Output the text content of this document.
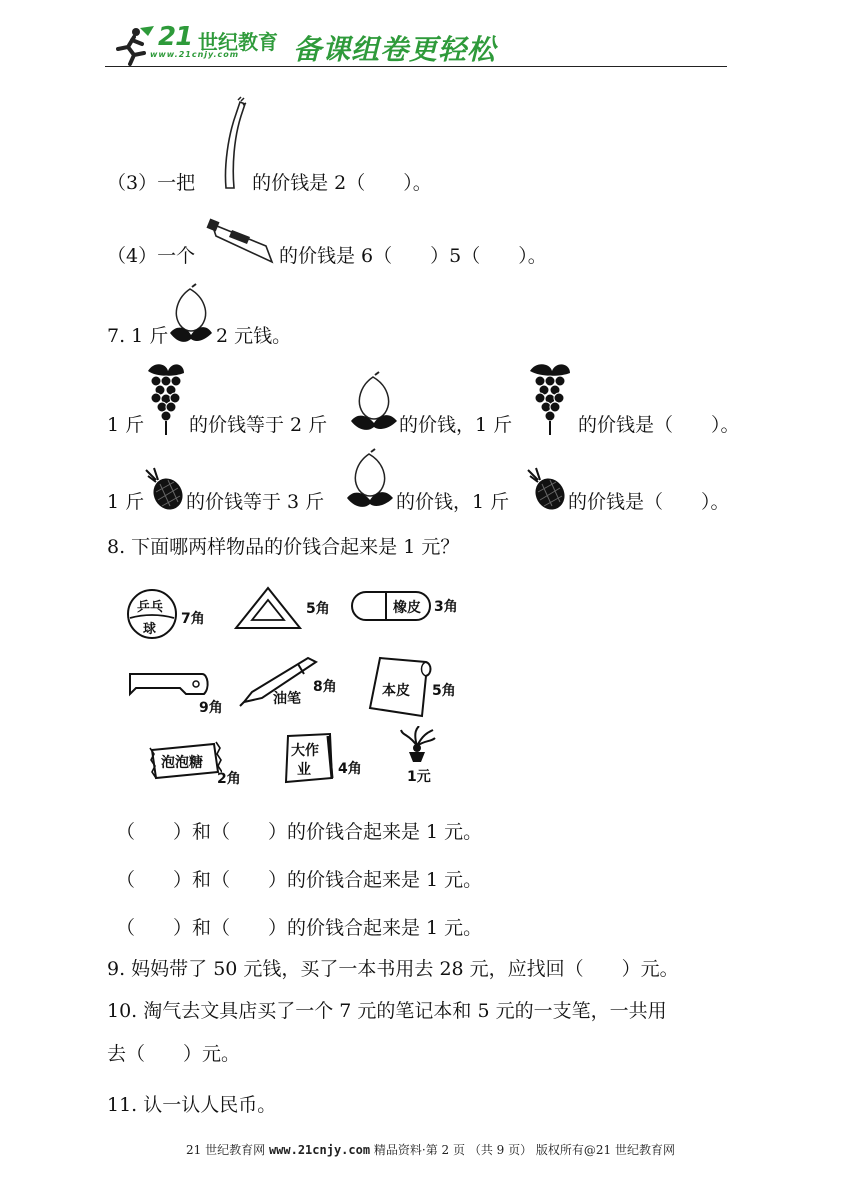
21 世纪教育
www.21cnjy.com 备课组卷更轻松
（3）一把　　　的价钱是 2（　　）。
（4）一个	的价钱是 6（　　）5（　　）。
7. 1 斤	2 元钱。
1 斤 的价钱等于 2 斤	的价钱，1 斤	的价钱是（　　）。
1 斤 的价钱等于 3 斤	的价钱，1 斤	的价钱是（　　）。
8. 下面哪两样物品的价钱合起来是 1 元？
乒乓
球
7角
5角	橡皮 3角
9角
油笔
8角	本皮 5角
泡泡糖
2角
大作
业 4角	1元
（　　）和（　　）的价钱合起来是 1 元。
（　　）和（　　）的价钱合起来是 1 元。
（　　）和（　　）的价钱合起来是 1 元。
9. 妈妈带了 50 元钱，买了一本书用去 28 元，应找回（　　）元。
10. 淘气去文具店买了一个 7 元的笔记本和 5 元的一支笔，一共用
去（　　）元。
11. 认一认人民币。
21 世纪教育网 www.21cnjy.com 精品资料·第 2 页 （共 9 页） 版权所有@21 世纪教育网
